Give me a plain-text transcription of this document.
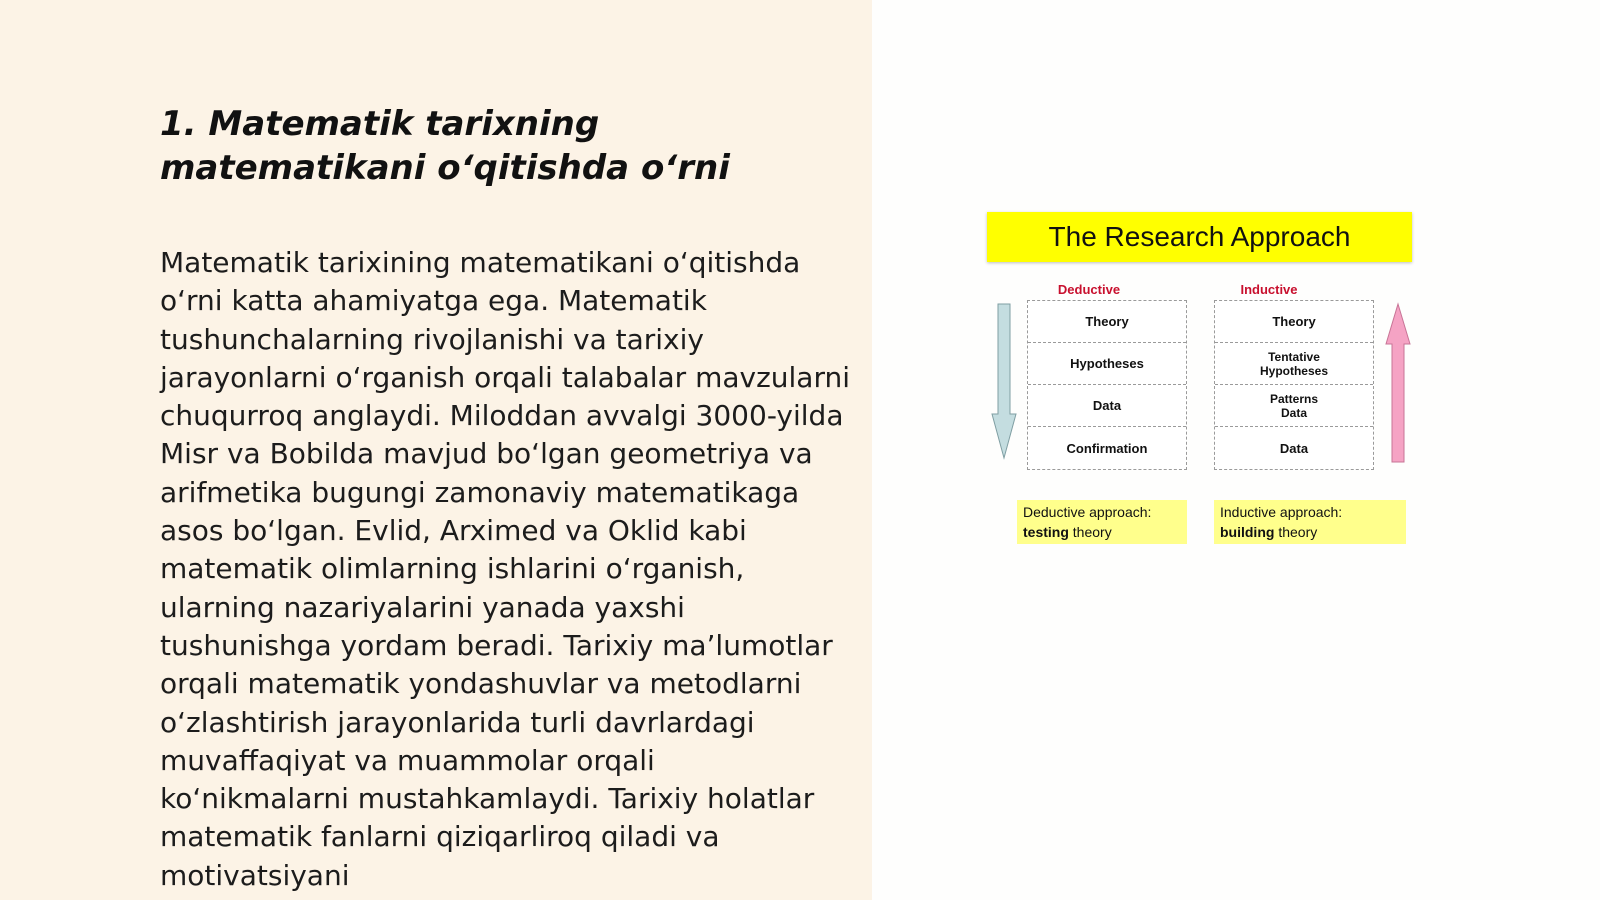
1. Matematik tarixning matematikani o‘qitishda o‘rni

Matematik tarixining matematikani o‘qitishda o‘rni katta ahamiyatga ega. Matematik tushunchalarning rivojlanishi va tarixiy jarayonlarni o‘rganish orqali talabalar mavzularni chuqurroq anglaydi. Miloddan avvalgi 3000-yilda Misr va Bobilda mavjud bo‘lgan geometriya va arifmetika bugungi zamonaviy matematikaga asos bo‘lgan. Evlid, Arximed va Oklid kabi matematik olimlarning ishlarini o‘rganish, ularning nazariyalarini yanada yaxshi tushunishga yordam beradi. Tarixiy ma’lumotlar orqali matematik yondashuvlar va metodlarni o‘zlashtirish jarayonlarida turli davrlardagi muvaffaqiyat va muammolar orqali ko‘nikmalarni mustahkamlaydi. Tarixiy holatlar matematik fanlarni qiziqarliroq qiladi va motivatsiyani

The Research Approach
Deductive
Theory
Hypotheses
Data
Confirmation
Inductive
Theory
Tentative
Hypotheses
Patterns
Data
Data
Deductive approach:
testing theory
Inductive approach:
building theory
